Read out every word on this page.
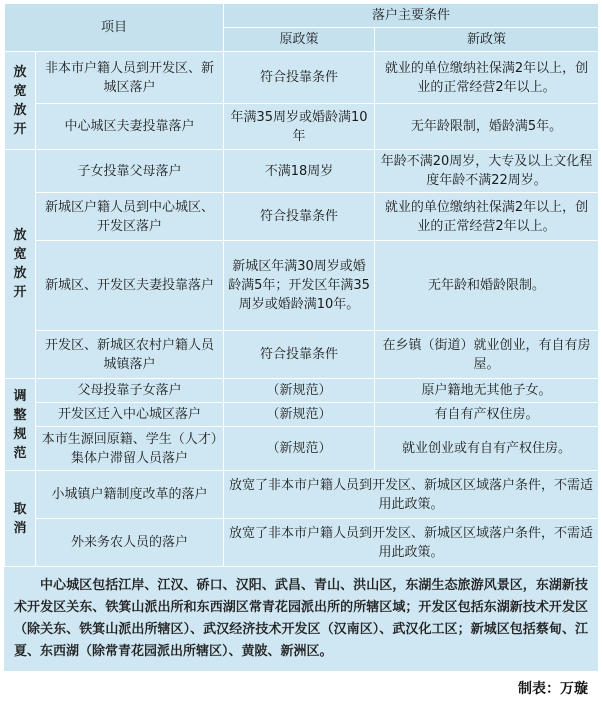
项目		落户主要条件	
		原政策	新政策
放宽放开	非本市户籍人员到开发区、新城区落户	符合投靠条件	就业的单位缴纳社保满2年以上，创业的正常经营2年以上。
	中心城区夫妻投靠落户	年满35周岁或婚龄满10年	无年龄限制，婚龄满5年。
放宽放开	子女投靠父母落户	不满18周岁	年龄不满20周岁，大专及以上文化程度年龄不满22周岁。
	新城区户籍人员到中心城区、开发区落户	符合投靠条件	就业的单位缴纳社保满2年以上，创业的正常经营2年以上。
	新城区、开发区夫妻投靠落户	新城区年满30周岁或婚龄满5年；开发区年满35周岁或婚龄满10年。	无年龄和婚龄限制。
	开发区、新城区农村户籍人员城镇落户	符合投靠条件	在乡镇（街道）就业创业，有自有房屋。
调整规范	父母投靠子女落户	（新规范）	原户籍地无其他子女。
	开发区迁入中心城区落户	（新规范）	有自有产权住房。
	本市生源回原籍、学生（人才）集体户滞留人员落户	（新规范）	就业创业或有自有产权住房。
取消	小城镇户籍制度改革的落户	放宽了非本市户籍人员到开发区、新城区区域落户条件，不需适用此政策。	
	外来务农人员的落户	放宽了非本市户籍人员到开发区、新城区区域落户条件，不需适用此政策。	
中心城区包括江岸、江汉、硚口、汉阳、武昌、青山、洪山区，东湖生态旅游风景区，东湖新技术开发区关东、铁箕山派出所和东西湖区常青花园派出所的所辖区域；开发区包括东湖新技术开发区（除关东、铁箕山派出所辖区）、武汉经济技术开发区（汉南区）、武汉化工区；新城区包括蔡甸、江夏、东西湖（除常青花园派出所辖区）、黄陂、新洲区。
制表：万璇
